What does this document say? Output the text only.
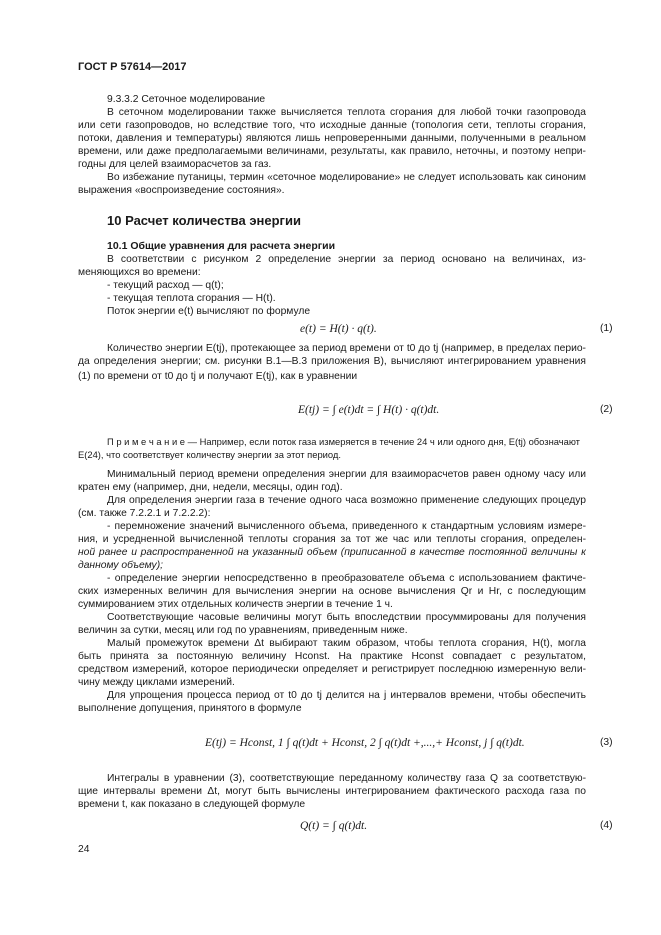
ГОСТ Р 57614—2017
9.3.3.2 Сеточное моделирование
В сеточном моделировании также вычисляется теплота сгорания для любой точки газопровода
или сети газопроводов, но вследствие того, что исходные данные (топология сети, теплоты сгорания,
потоки, давления и температуры) являются лишь непроверенными данными, полученными в реальном
времени, или даже предполагаемыми величинами, результаты, как правило, неточны, и поэтому непри-
годны для целей взаиморасчетов за газ.
Во избежание путаницы, термин «сеточное моделирование» не следует использовать как синоним
выражения «воспроизведение состояния».
10 Расчет количества энергии
10.1 Общие уравнения для расчета энергии
В соответствии с рисунком 2 определение энергии за период основано на величинах, из-
меняющихся во времени:
- текущий расход — q(t);
- текущая теплота сгорания — H(t).
Поток энергии e(t) вычисляют по формуле
e(t) = H(t) · q(t).	(1)
Количество энергии E(tj), протекающее за период времени от t0 до tj (например, в пределах перио-
да определения энергии; см. рисунки В.1—В.3 приложения В), вычисляют интегрированием уравнения
(1) по времени от t0 до tj и получают E(tj), как в уравнении
E(tj) = ∫ e(t)dt = ∫ H(t) · q(t)dt.	(2)
П р и м е ч а н и е — Например, если поток газа измеряется в течение 24 ч или одного дня, E(tj) обозначают
E(24), что соответствует количеству энергии за этот период.
Минимальный период времени определения энергии для взаиморасчетов равен одному часу или
кратен ему (например, дни, недели, месяцы, один год).
Для определения энергии газа в течение одного часа возможно применение следующих процедур
(см. также 7.2.2.1 и 7.2.2.2):
- перемножение значений вычисленного объема, приведенного к стандартным условиям измере-
ния, и усредненной вычисленной теплоты сгорания за тот же час или теплоты сгорания, определен-
ной ранее и распространенной на указанный объем (приписанной в качестве постоянной величины к
данному объему);
- определение энергии непосредственно в преобразователе объема с использованием фактиче-
ских измеренных величин для вычисления энергии на основе вычисления Qr и Hr, с последующим
суммированием этих отдельных количеств энергии в течение 1 ч.
Соответствующие часовые величины могут быть впоследствии просуммированы для получения
величин за сутки, месяц или год по уравнениям, приведенным ниже.
Малый промежуток времени Δt выбирают таким образом, чтобы теплота сгорания, H(t), могла
быть принята за постоянную величину Hconst. На практике Hconst совпадает с результатом,
средством измерений, которое периодически определяет и регистрирует последнюю измеренную вели-
чину между циклами измерений.
Для упрощения процесса период от t0 до tj делится на j интервалов времени, чтобы обеспечить
выполнение допущения, принятого в формуле
E(tj) = Hconst, 1 ∫ q(t)dt + Hconst, 2 ∫ q(t)dt +,...,+ Hconst, j ∫ q(t)dt.	(3)
Интегралы в уравнении (3), соответствующие переданному количеству газа Q за соответствую-
щие интервалы времени Δt, могут быть вычислены интегрированием фактического расхода газа по
времени t, как показано в следующей формуле
Q(t) = ∫ q(t)dt.	(4)
24
